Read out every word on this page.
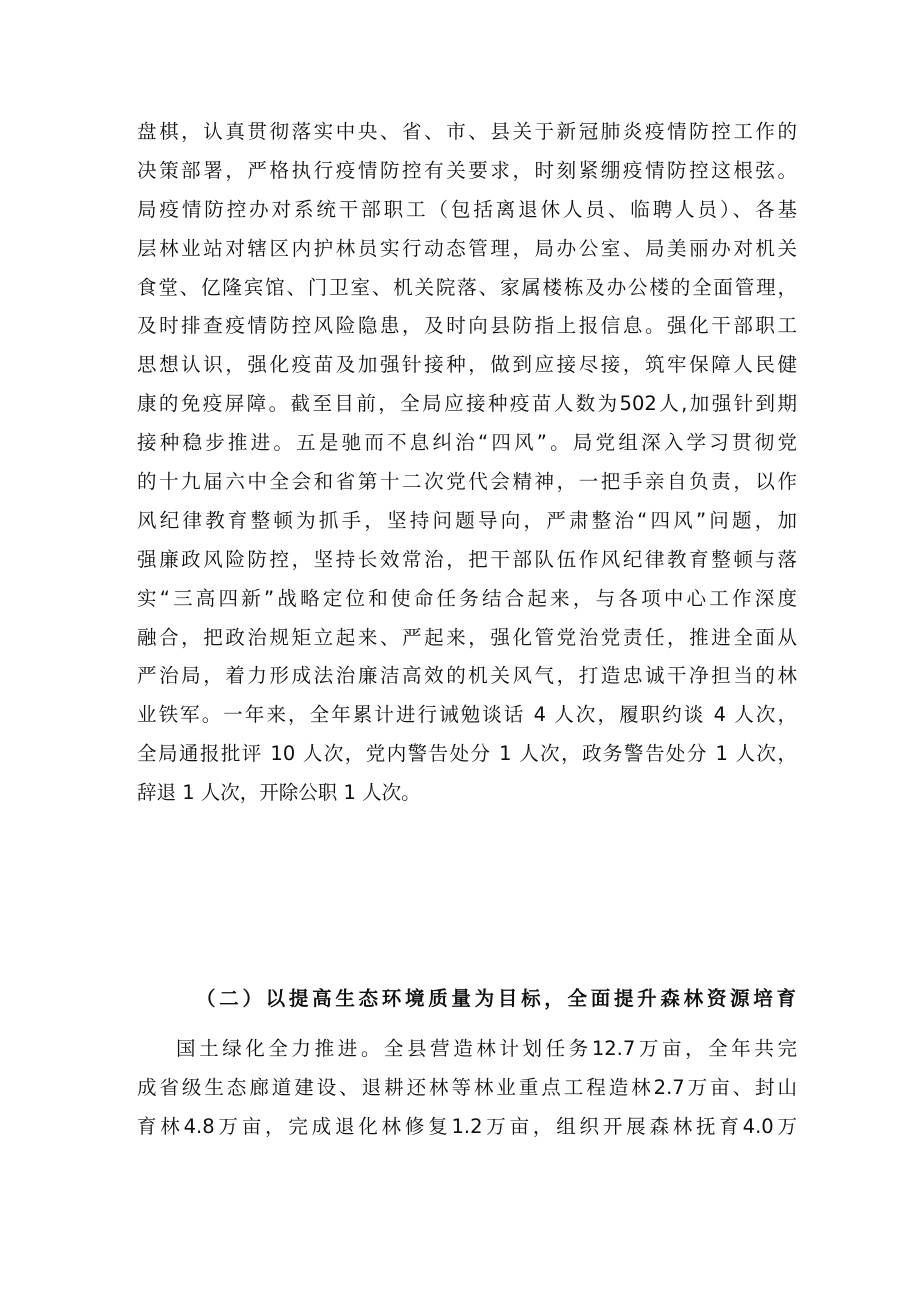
盘棋，认真贯彻落实中央、省、市、县关于新冠肺炎疫情防控工作的
决策部署，严格执行疫情防控有关要求，时刻紧绷疫情防控这根弦。
局疫情防控办对系统干部职工（包括离退休人员、临聘人员）、各基
层林业站对辖区内护林员实行动态管理，局办公室、局美丽办对机关
食堂、亿隆宾馆、门卫室、机关院落、家属楼栋及办公楼的全面管理，
及时排查疫情防控风险隐患，及时向县防指上报信息。强化干部职工
思想认识，强化疫苗及加强针接种，做到应接尽接，筑牢保障人民健
康的免疫屏障。截至目前，全局应接种疫苗人数为502人,加强针到期
接种稳步推进。五是驰而不息纠治“四风”。局党组深入学习贯彻党
的十九届六中全会和省第十二次党代会精神，一把手亲自负责，以作
风纪律教育整顿为抓手，坚持问题导向，严肃整治“四风”问题，加
强廉政风险防控，坚持长效常治，把干部队伍作风纪律教育整顿与落
实“三高四新”战略定位和使命任务结合起来，与各项中心工作深度
融合，把政治规矩立起来、严起来，强化管党治党责任，推进全面从
严治局，着力形成法治廉洁高效的机关风气，打造忠诚干净担当的林
业铁军。一年来，全年累计进行诫勉谈话 4 人次，履职约谈 4 人次，
全局通报批评 10 人次，党内警告处分 1 人次，政务警告处分 1 人次，
辞退 1 人次，开除公职 1 人次。
（二）以提高生态环境质量为目标，全面提升森林资源培育
国土绿化全力推进。全县营造林计划任务12.7万亩，全年共完
成省级生态廊道建设、退耕还林等林业重点工程造林2.7万亩、封山
育林4.8万亩，完成退化林修复1.2万亩，组织开展森林抚育4.0万
